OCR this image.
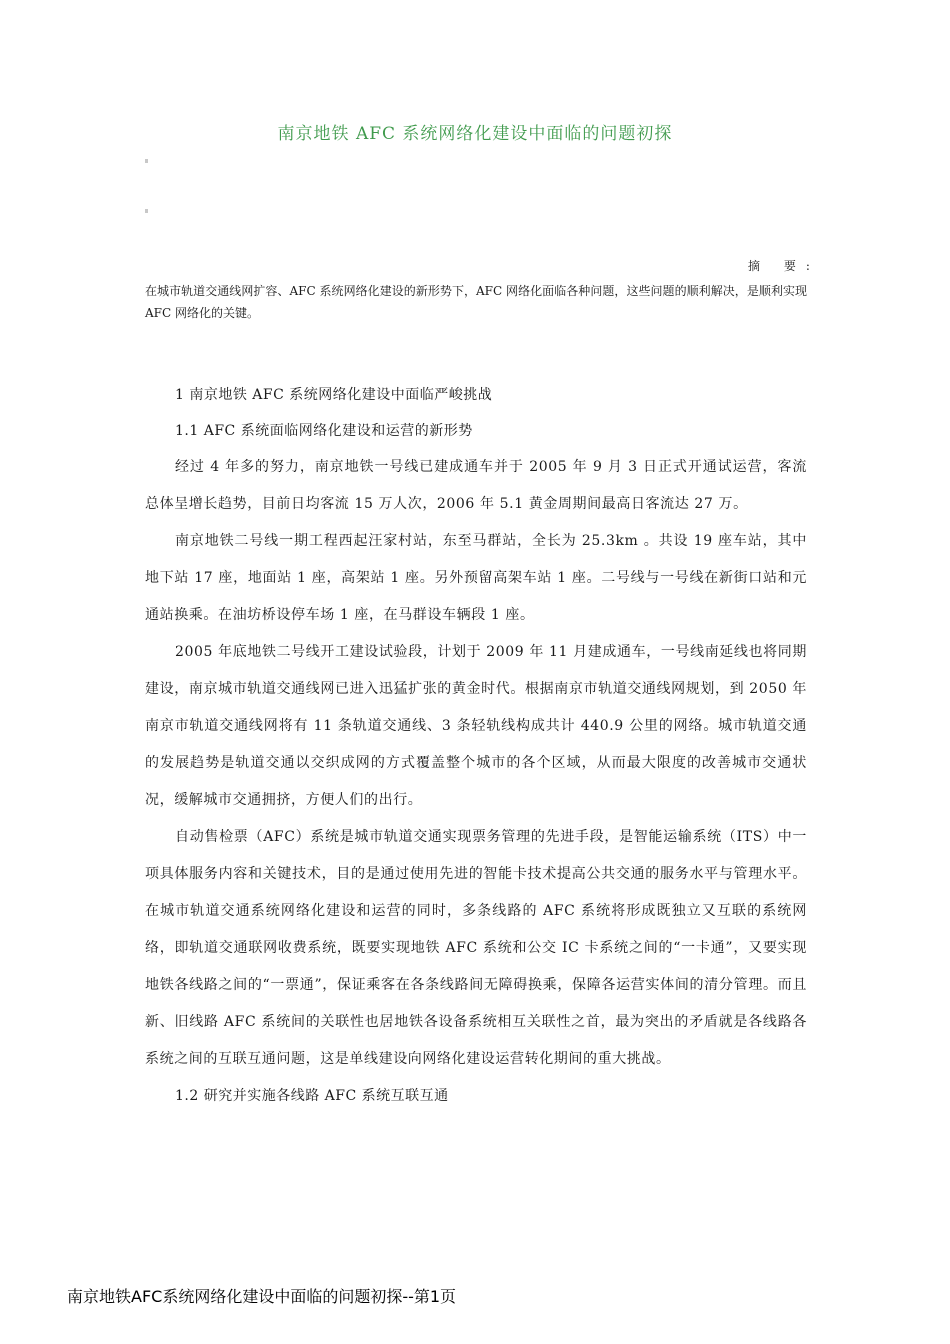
南京地铁 AFC 系统网络化建设中面临的问题初探
摘 要:
在城市轨道交通线网扩容、AFC 系统网络化建设的新形势下，AFC 网络化面临各种问题，这些问题的顺利解决，是顺利实现 AFC 网络化的关键。
1 南京地铁 AFC 系统网络化建设中面临严峻挑战
1.1 AFC 系统面临网络化建设和运营的新形势

经过 4 年多的努力，南京地铁一号线已建成通车并于 2005 年 9 月 3 日正式开通试运营，客流总体呈增长趋势，目前日均客流 15 万人次，2006 年 5.1 黄金周期间最高日客流达 27 万。

南京地铁二号线一期工程西起汪家村站，东至马群站，全长为 25.3km 。共设 19 座车站，其中地下站 17 座，地面站 1 座，高架站 1 座。另外预留高架车站 1 座。二号线与一号线在新街口站和元通站换乘。在油坊桥设停车场 1 座，在马群设车辆段 1 座。

2005 年底地铁二号线开工建设试验段，计划于 2009 年 11 月建成通车，一号线南延线也将同期建设，南京城市轨道交通线网已进入迅猛扩张的黄金时代。根据南京市轨道交通线网规划，到 2050 年南京市轨道交通线网将有 11 条轨道交通线、3 条轻轨线构成共计 440.9 公里的网络。城市轨道交通的发展趋势是轨道交通以交织成网的方式覆盖整个城市的各个区域，从而最大限度的改善城市交通状况，缓解城市交通拥挤，方便人们的出行。

自动售检票（AFC）系统是城市轨道交通实现票务管理的先进手段，是智能运输系统（ITS）中一项具体服务内容和关键技术，目的是通过使用先进的智能卡技术提高公共交通的服务水平与管理水平。在城市轨道交通系统网络化建设和运营的同时，多条线路的 AFC 系统将形成既独立又互联的系统网络，即轨道交通联网收费系统，既要实现地铁 AFC 系统和公交 IC 卡系统之间的“一卡通”，又要实现地铁各线路之间的“一票通”，保证乘客在各条线路间无障碍换乘，保障各运营实体间的清分管理。而且新、旧线路 AFC 系统间的关联性也居地铁各设备系统相互关联性之首，最为突出的矛盾就是各线路各系统之间的互联互通问题，这是单线建设向网络化建设运营转化期间的重大挑战。

1.2 研究并实施各线路 AFC 系统互联互通
南京地铁AFC系统网络化建设中面临的问题初探--第1页
